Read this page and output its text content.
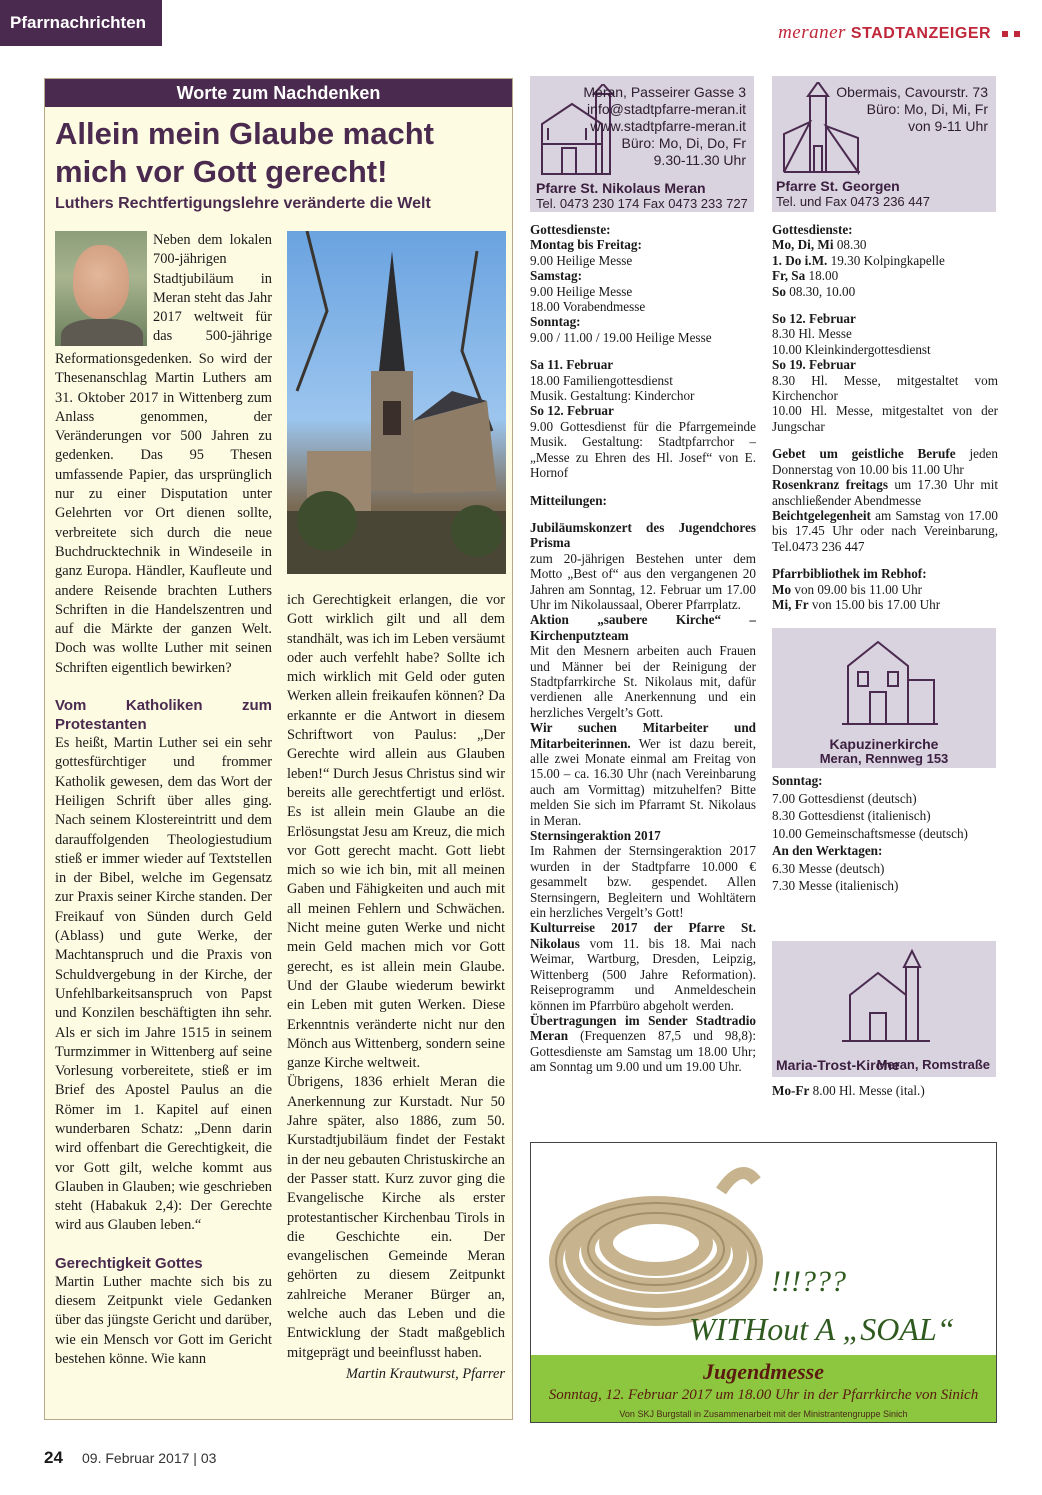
Pfarrnachrichten	meraner STADTANZEIGER
Worte zum Nachdenken
Allein mein Glaube macht mich vor Gott gerecht!
Luthers Rechtfertigungslehre veränderte die Welt

Neben dem lokalen 700-jährigen Stadtjubiläum in Meran steht das Jahr 2017 weltweit für das 500-jährige Reformationsgedenken. So wird der Thesenanschlag Martin Luthers am 31. Oktober 2017 in Wittenberg zum Anlass genommen, der Veränderungen vor 500 Jahren zu gedenken. Das 95 Thesen umfassende Papier, das ursprünglich nur zu einer Disputation unter Gelehrten vor Ort dienen sollte, verbreitete sich durch die neue Buchdrucktechnik in Windeseile in ganz Europa. Händler, Kaufleute und andere Reisende brachten Luthers Schriften in die Handelszentren und auf die Märkte der ganzen Welt. Doch was wollte Luther mit seinen Schriften eigentlich bewirken?

Vom Katholiken zum Protestanten

Es heißt, Martin Luther sei ein sehr gottesfürchtiger und frommer Katholik gewesen, dem das Wort der Heiligen Schrift über alles ging. Nach seinem Klostereintritt und dem darauffolgenden Theologiestudium stieß er immer wieder auf Textstellen in der Bibel, welche im Gegensatz zur Praxis seiner Kirche standen. Der Freikauf von Sünden durch Geld (Ablass) und gute Werke, der Machtanspruch und die Praxis von Schuldvergebung in der Kirche, der Unfehlbarkeitsanspruch von Papst und Konzilen beschäftigten ihn sehr. Als er sich im Jahre 1515 in seinem Turmzimmer in Wittenberg auf seine Vorlesung vorbereitete, stieß er im Brief des Apostel Paulus an die Römer im 1. Kapitel auf einen wunderbaren Schatz: „Denn darin wird offenbart die Gerechtigkeit, die vor Gott gilt, welche kommt aus Glauben in Glauben; wie geschrieben steht (Habakuk 2,4): Der Gerechte wird aus Glauben leben.“

Gerechtigkeit Gottes

Martin Luther machte sich bis zu diesem Zeitpunkt viele Gedanken über das jüngste Gericht und darüber, wie ein Mensch vor Gott im Gericht bestehen könne. Wie kann

ich Gerechtigkeit erlangen, die vor Gott wirklich gilt und all dem standhält, was ich im Leben versäumt oder auch verfehlt habe? Sollte ich mich wirklich mit Geld oder guten Werken allein freikaufen können? Da erkannte er die Antwort in diesem Schriftwort von Paulus: „Der Gerechte wird allein aus Glauben leben!“ Durch Jesus Christus sind wir bereits alle gerechtfertigt und erlöst. Es ist allein mein Glaube an die Erlösungstat Jesu am Kreuz, die mich vor Gott gerecht macht. Gott liebt mich so wie ich bin, mit all meinen Gaben und Fähigkeiten und auch mit all meinen Fehlern und Schwächen. Nicht meine guten Werke und nicht mein Geld machen mich vor Gott gerecht, es ist allein mein Glaube. Und der Glaube wiederum bewirkt ein Leben mit guten Werken. Diese Erkenntnis veränderte nicht nur den Mönch aus Wittenberg, sondern seine ganze Kirche weltweit.

Übrigens, 1836 erhielt Meran die Anerkennung zur Kurstadt. Nur 50 Jahre später, also 1886, zum 50. Kurstadtjubiläum findet der Festakt in der neu gebauten Christuskirche an der Passer statt. Kurz zuvor ging die Evangelische Kirche als erster protestantischer Kirchenbau Tirols in die Geschichte ein. Der evangelischen Gemeinde Meran gehörten zu diesem Zeitpunkt zahlreiche Meraner Bürger an, welche auch das Leben und die Entwicklung der Stadt maßgeblich mitgeprägt und beeinflusst haben.

Martin Krautwurst, Pfarrer

Meran, Passeirer Gasse 3
info@stadtpfarre-meran.it
www.stadtpfarre-meran.it
Büro: Mo, Di, Do, Fr
9.30-11.30 Uhr
Pfarre St. Nikolaus Meran
Tel. 0473 230 174 Fax 0473 233 727

Gottesdienste:

Montag bis Freitag:

9.00 Heilige Messe

Samstag:

9.00 Heilige Messe

18.00 Vorabendmesse

Sonntag:

9.00 / 11.00 / 19.00 Heilige Messe

Sa 11. Februar

18.00 Familiengottesdienst

Musik. Gestaltung: Kinderchor

So 12. Februar

9.00 Gottesdienst für die Pfarrgemeinde Musik. Gestaltung: Stadtpfarrchor – „Messe zu Ehren des Hl. Josef“ von E. Hornof

Mitteilungen:

Jubiläumskonzert des Jugendchores Prisma

zum 20-jährigen Bestehen unter dem Motto „Best of“ aus den vergangenen 20 Jahren am Sonntag, 12. Februar um 17.00 Uhr im Nikolaussaal, Oberer Pfarrplatz.

Aktion „saubere Kirche“ – Kirchenputzteam

Mit den Mesnern arbeiten auch Frauen und Männer bei der Reinigung der Stadtpfarrkirche St. Nikolaus mit, dafür verdienen alle Anerkennung und ein herzliches Vergelt’s Gott.

Wir suchen Mitarbeiter und Mitarbeiterinnen. Wer ist dazu bereit, alle zwei Monate einmal am Freitag von 15.00 – ca. 16.30 Uhr (nach Vereinbarung auch am Vormittag) mitzuhelfen? Bitte melden Sie sich im Pfarramt St. Nikolaus in Meran.

Sternsingeraktion 2017

Im Rahmen der Sternsingeraktion 2017 wurden in der Stadtpfarre 10.000 € gesammelt bzw. gespendet. Allen Sternsingern, Begleitern und Wohltätern ein herzliches Vergelt’s Gott!

Kulturreise 2017 der Pfarre St. Nikolaus vom 11. bis 18. Mai nach Weimar, Wartburg, Dresden, Leipzig, Wittenberg (500 Jahre Reformation). Reiseprogramm und Anmeldeschein können im Pfarrbüro abgeholt werden.

Übertragungen im Sender Stadtradio Meran (Frequenzen 87,5 und 98,8): Gottesdienste am Samstag um 18.00 Uhr; am Sonntag um 9.00 und um 19.00 Uhr.

Obermais, Cavourstr. 73
Büro: Mo, Di, Mi, Fr
von 9-11 Uhr
Pfarre St. Georgen
Tel. und Fax 0473 236 447

Gottesdienste:

Mo, Di, Mi 08.30

1. Do i.M. 19.30 Kolpingkapelle

Fr, Sa 18.00

So 08.30, 10.00

So 12. Februar

8.30 Hl. Messe

10.00 Kleinkindergottesdienst

So 19. Februar

8.30 Hl. Messe, mitgestaltet vom Kirchenchor

10.00 Hl. Messe, mitgestaltet von der Jungschar

Gebet um geistliche Berufe jeden Donnerstag von 10.00 bis 11.00 Uhr

Rosenkranz freitags um 17.30 Uhr mit anschließender Abendmesse

Beichtgelegenheit am Samstag von 17.00 bis 17.45 Uhr oder nach Vereinbarung, Tel.0473 236 447

Pfarrbibliothek im Rebhof:

Mo von 09.00 bis 11.00 Uhr

Mi, Fr von 15.00 bis 17.00 Uhr

Kapuzinerkirche
Meran, Rennweg 153

Sonntag:

7.00 Gottesdienst (deutsch)

8.30 Gottesdienst (italienisch)

10.00 Gemeinschaftsmesse (deutsch)

An den Werktagen:

6.30 Messe (deutsch)

7.30 Messe (italienisch)

Maria-Trost-Kirche
Meran, Romstraße

Mo-Fr 8.00 Hl. Messe (ital.)

!!!???
WITHout A „SOAL“
Jugendmesse
Sonntag, 12. Februar 2017 um 18.00 Uhr in der Pfarrkirche von Sinich
Von SKJ Burgstall in Zusammenarbeit mit der Ministrantengruppe Sinich
24 09. Februar 2017 | 03
